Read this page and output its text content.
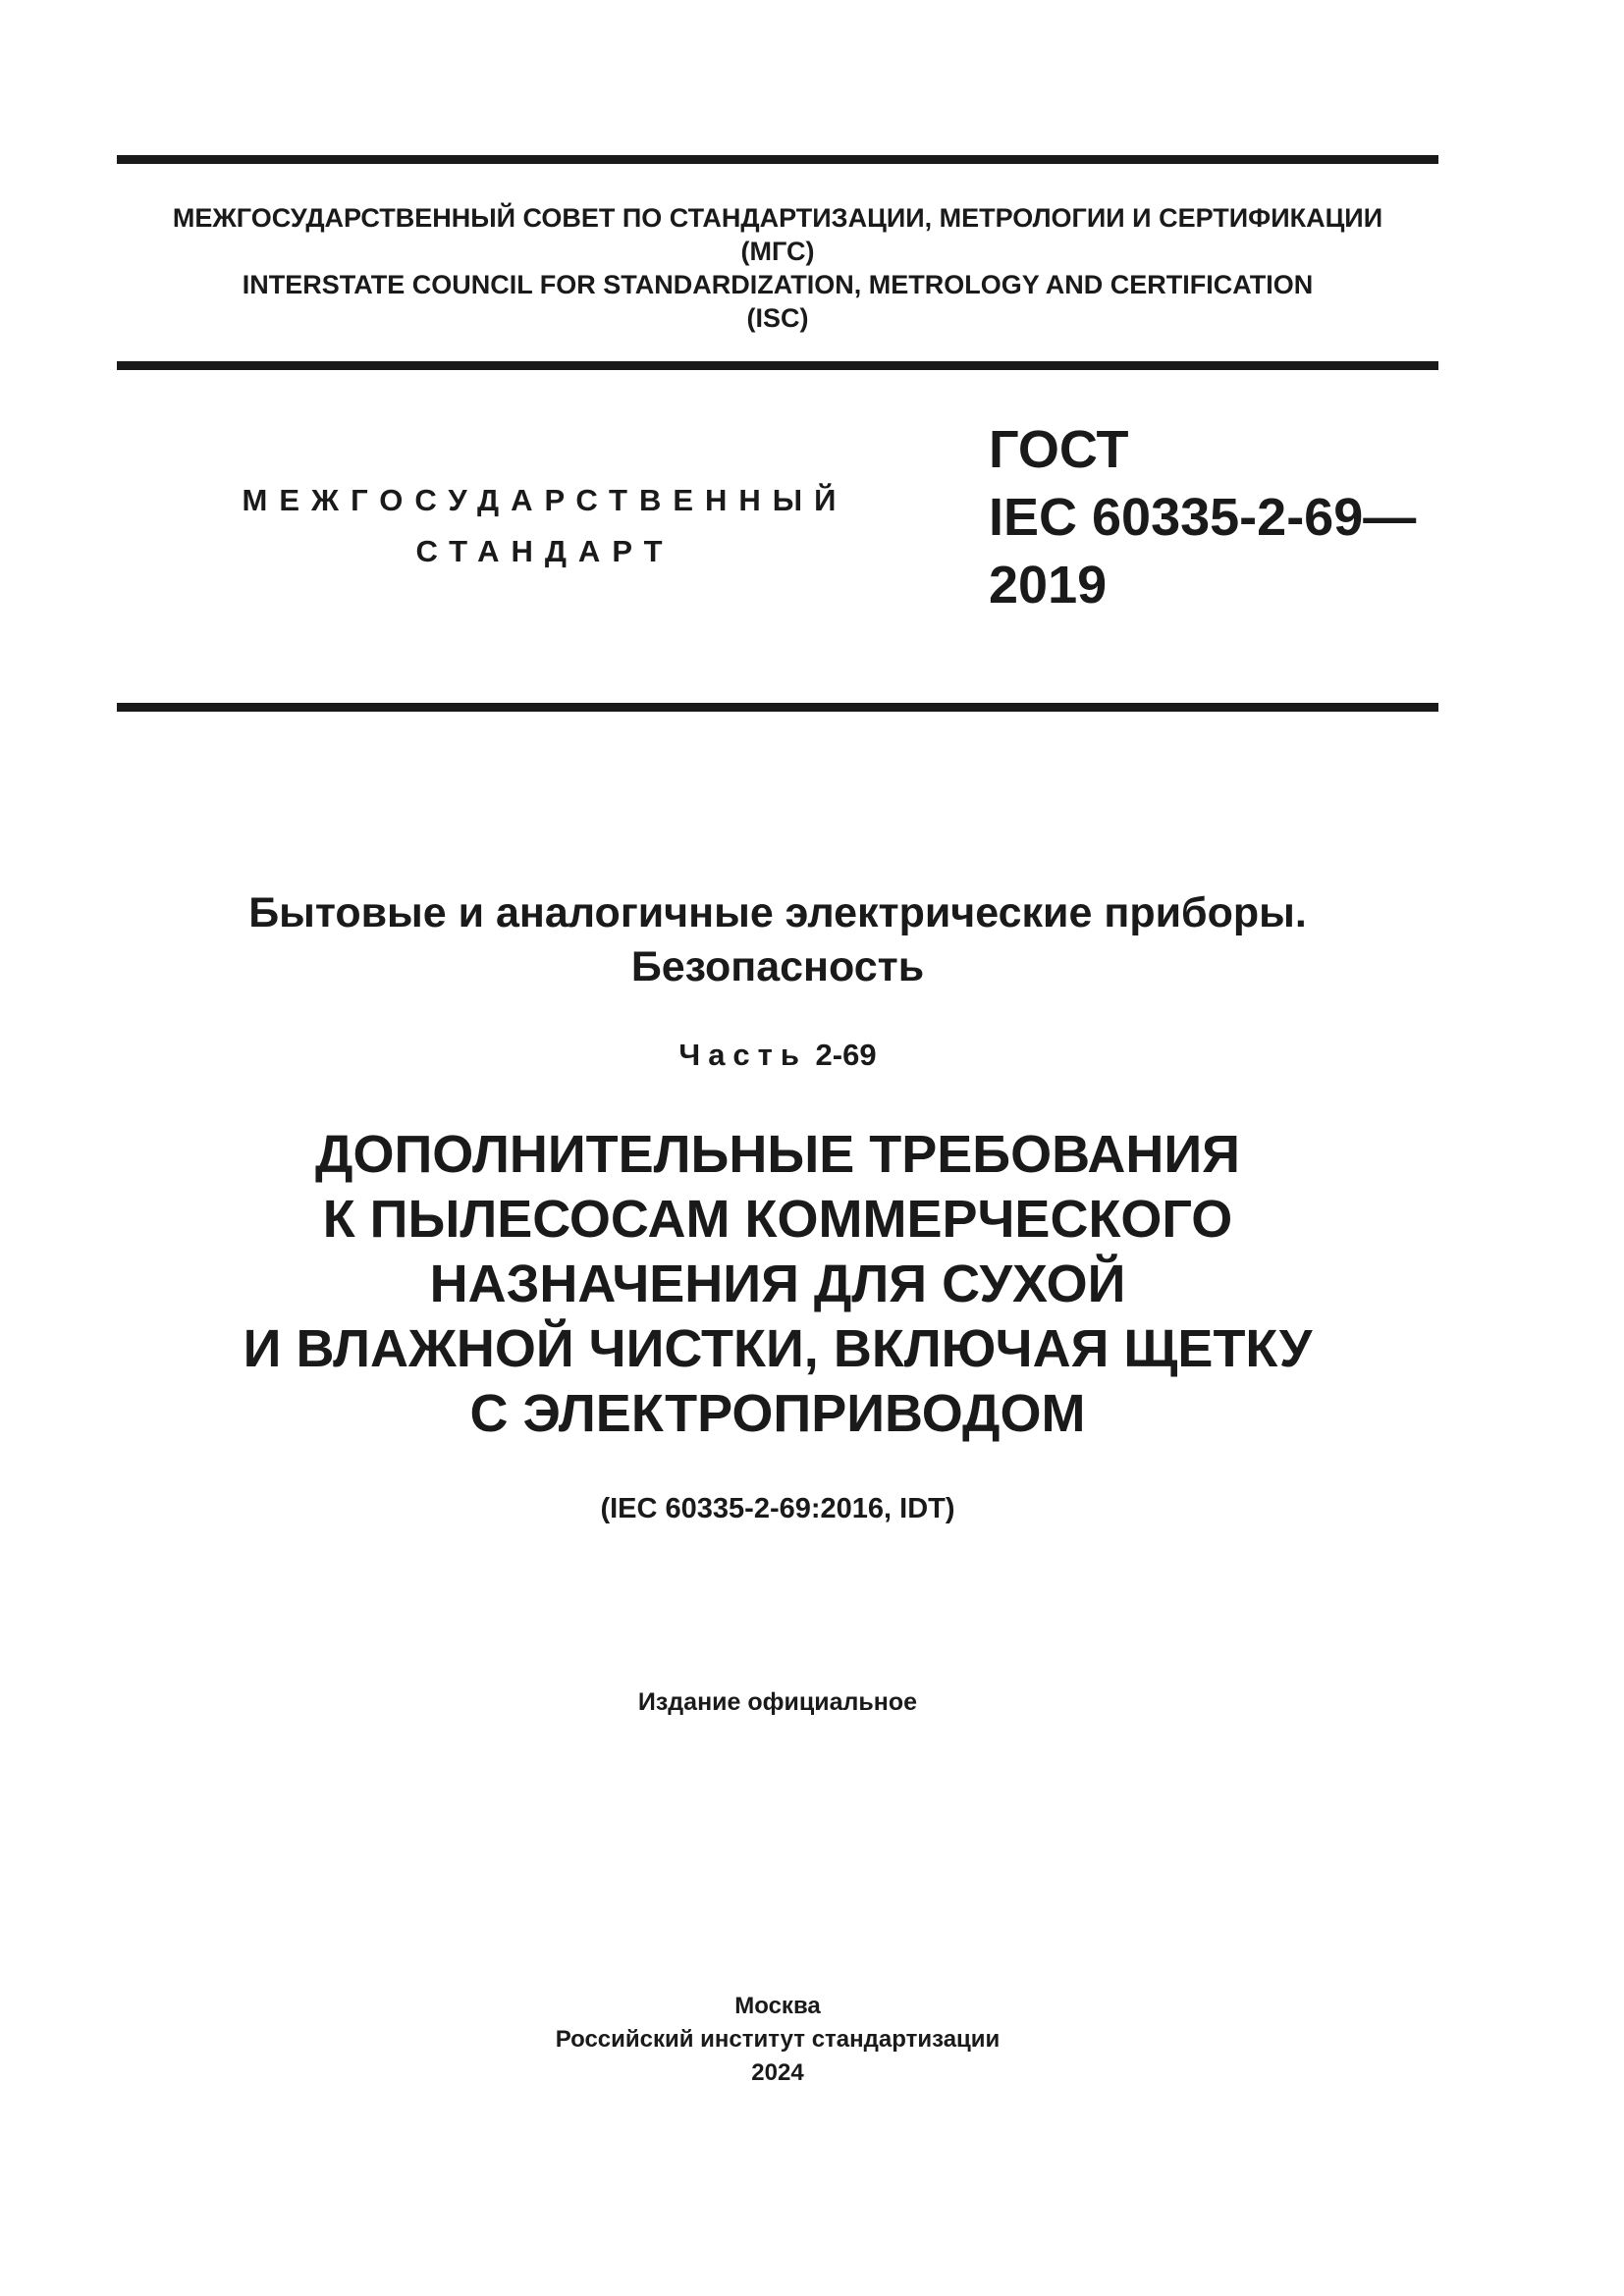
МЕЖГОСУДАРСТВЕННЫЙ СОВЕТ ПО СТАНДАРТИЗАЦИИ, МЕТРОЛОГИИ И СЕРТИФИКАЦИИ
(МГС)
INTERSTATE COUNCIL FOR STANDARDIZATION, METROLOGY AND CERTIFICATION
(ISC)
МЕЖГОСУДАРСТВЕННЫЙ
СТАНДАРТ
ГОСТ
IEC 60335-2-69—
2019
Бытовые и аналогичные электрические приборы.
Безопасность
Часть 2-69
ДОПОЛНИТЕЛЬНЫЕ ТРЕБОВАНИЯ
К ПЫЛЕСОСАМ КОММЕРЧЕСКОГО
НАЗНАЧЕНИЯ ДЛЯ СУХОЙ
И ВЛАЖНОЙ ЧИСТКИ, ВКЛЮЧАЯ ЩЕТКУ
С ЭЛЕКТРОПРИВОДОМ
(IEC 60335-2-69:2016, IDT)
Издание официальное
Москва
Российский институт стандартизации
2024
